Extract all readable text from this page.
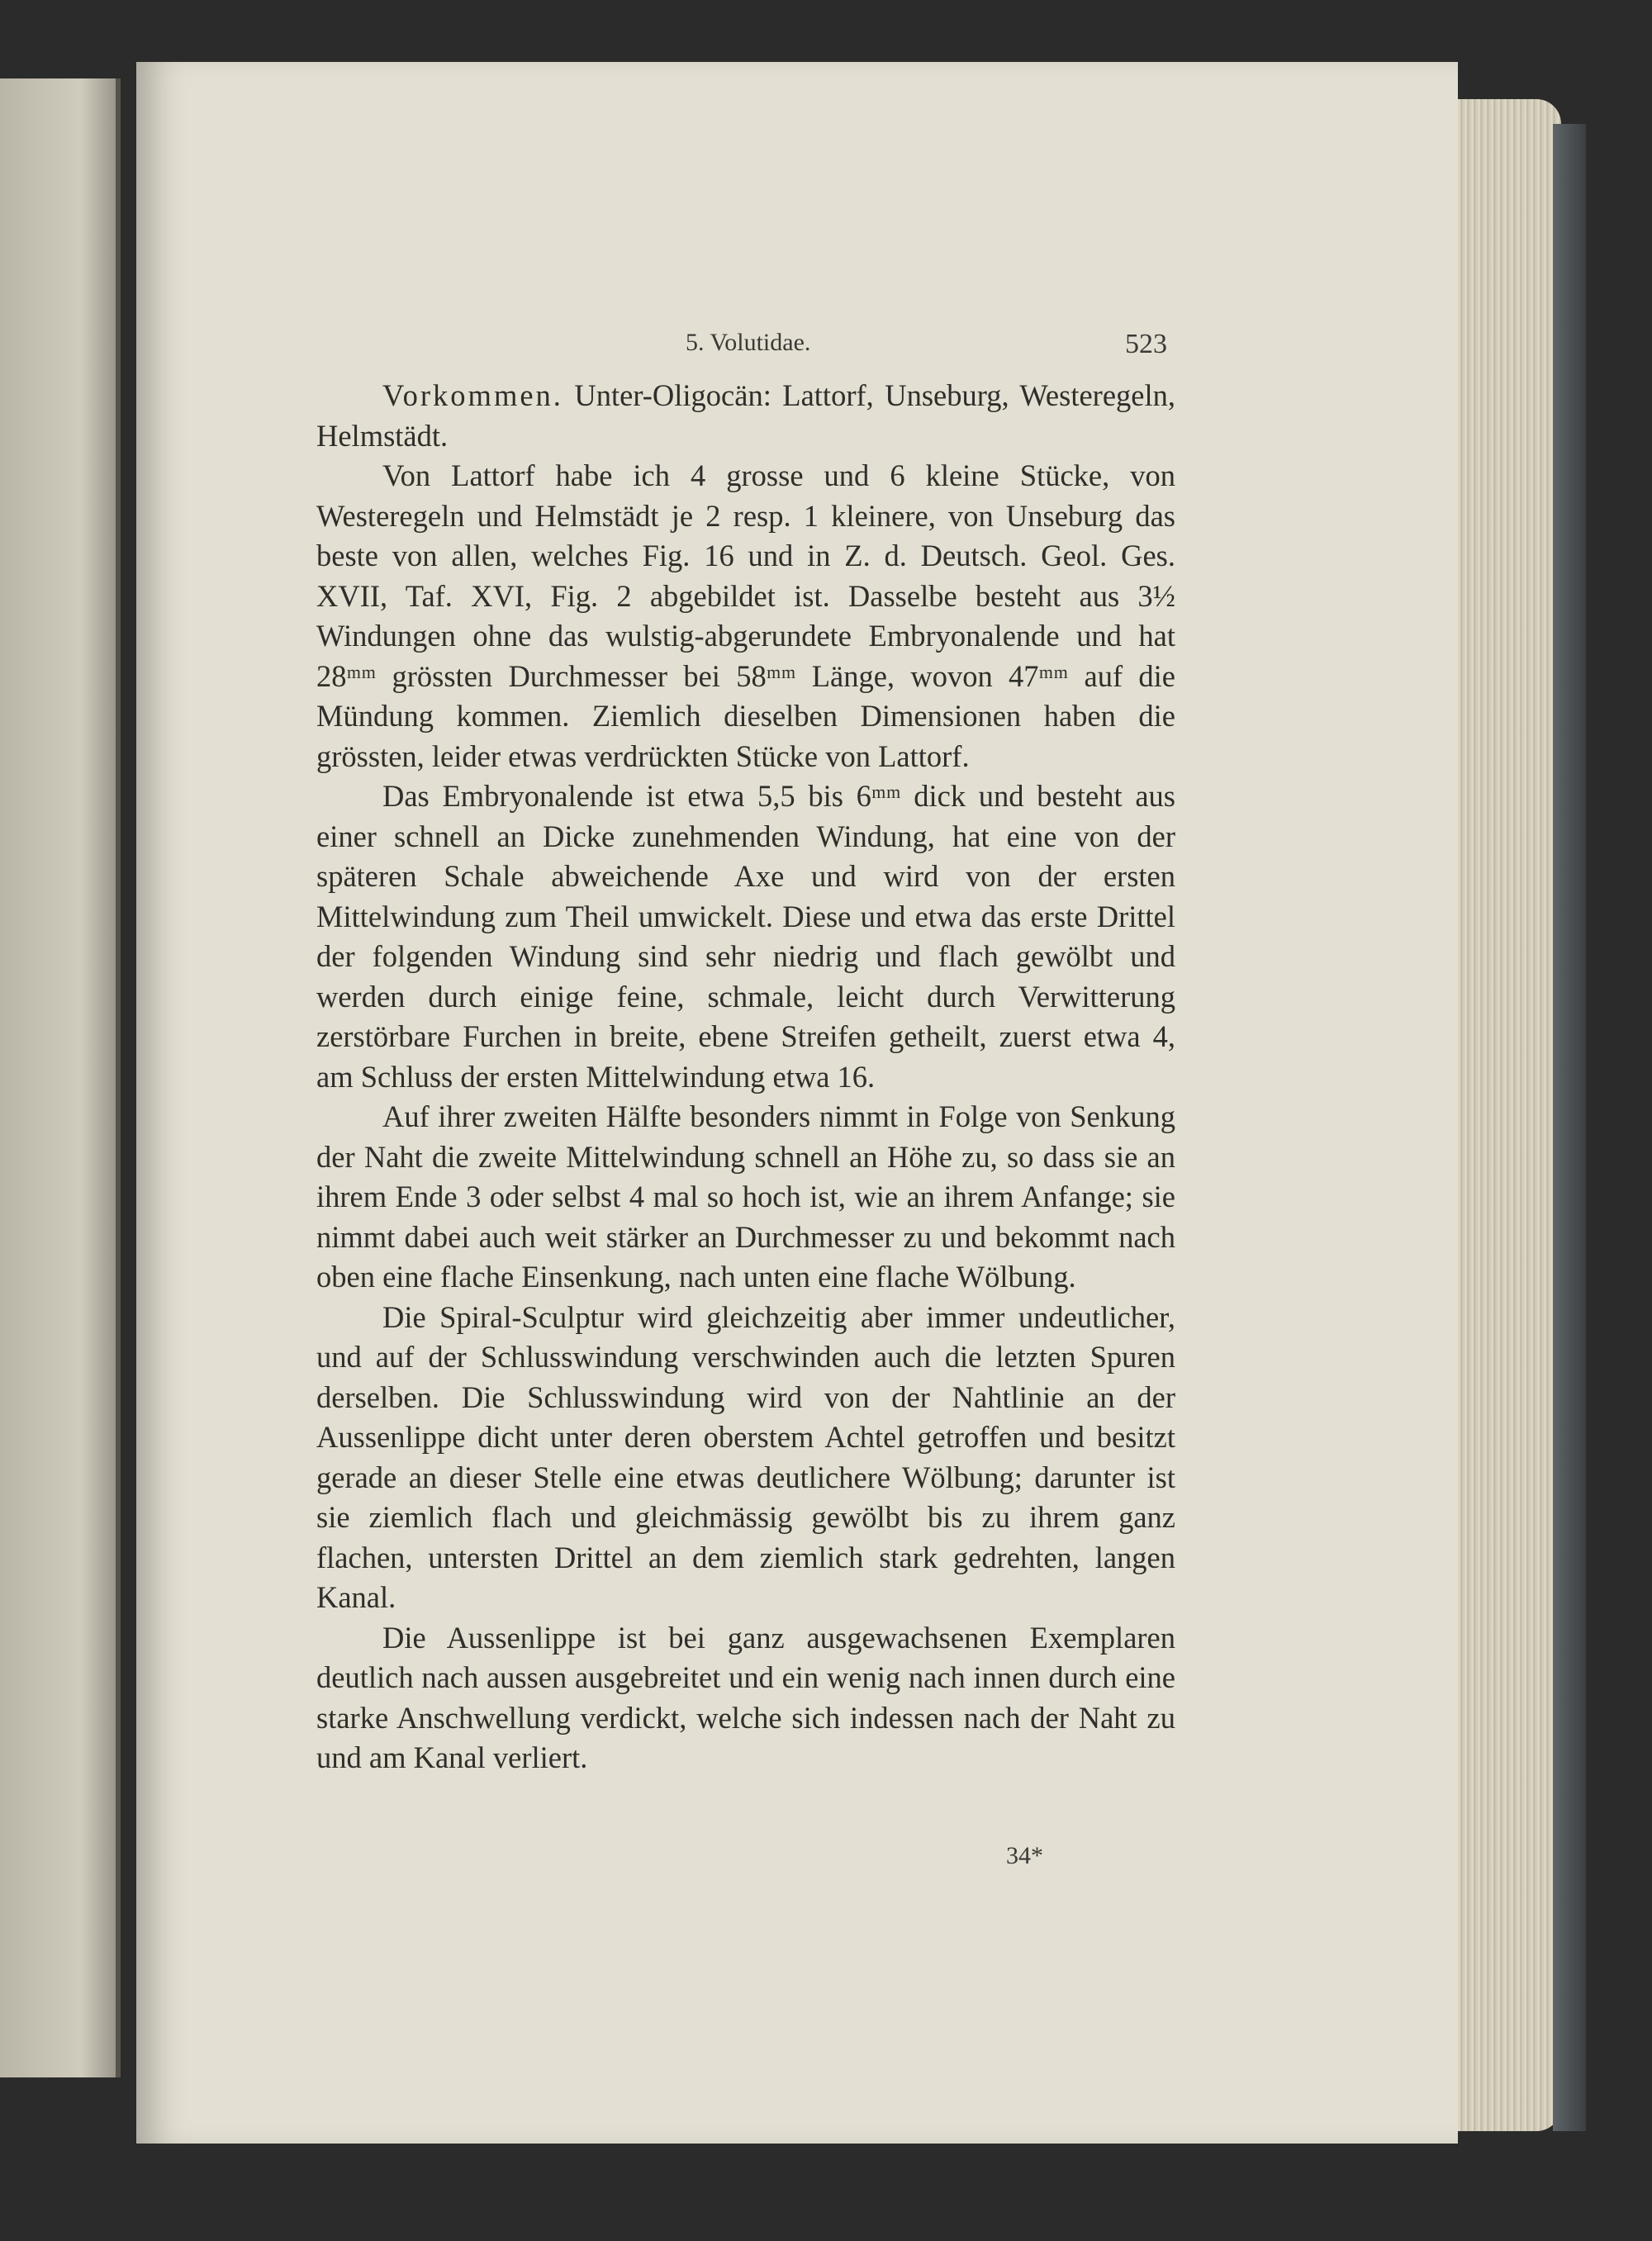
5. Volutidae.	523

Vorkommen. Unter-Oligocän: Lattorf, Unseburg, Westeregeln, Helmstädt.

Von Lattorf habe ich 4 grosse und 6 kleine Stücke, von Westeregeln und Helmstädt je 2 resp. 1 kleinere, von Unseburg das beste von allen, welches Fig. 16 und in Z. d. Deutsch. Geol. Ges. XVII, Taf. XVI, Fig. 2 abgebildet ist. Dasselbe besteht aus 3½ Windungen ohne das wulstig-abgerundete Embryonalende und hat 28ᵐᵐ grössten Durchmesser bei 58ᵐᵐ Länge, wovon 47ᵐᵐ auf die Mündung kommen. Ziemlich dieselben Dimensionen haben die grössten, leider etwas verdrückten Stücke von Lattorf.

Das Embryonalende ist etwa 5,5 bis 6ᵐᵐ dick und besteht aus einer schnell an Dicke zunehmenden Windung, hat eine von der späteren Schale abweichende Axe und wird von der ersten Mittelwindung zum Theil umwickelt. Diese und etwa das erste Drittel der folgenden Windung sind sehr niedrig und flach gewölbt und werden durch einige feine, schmale, leicht durch Verwitterung zerstörbare Furchen in breite, ebene Streifen getheilt, zuerst etwa 4, am Schluss der ersten Mittelwindung etwa 16.

Auf ihrer zweiten Hälfte besonders nimmt in Folge von Senkung der Naht die zweite Mittelwindung schnell an Höhe zu, so dass sie an ihrem Ende 3 oder selbst 4 mal so hoch ist, wie an ihrem Anfange; sie nimmt dabei auch weit stärker an Durchmesser zu und bekommt nach oben eine flache Einsenkung, nach unten eine flache Wölbung.

Die Spiral-Sculptur wird gleichzeitig aber immer undeutlicher, und auf der Schlusswindung verschwinden auch die letzten Spuren derselben. Die Schlusswindung wird von der Nahtlinie an der Aussenlippe dicht unter deren oberstem Achtel getroffen und besitzt gerade an dieser Stelle eine etwas deutlichere Wölbung; darunter ist sie ziemlich flach und gleichmässig gewölbt bis zu ihrem ganz flachen, untersten Drittel an dem ziemlich stark gedrehten, langen Kanal.

Die Aussenlippe ist bei ganz ausgewachsenen Exemplaren deutlich nach aussen ausgebreitet und ein wenig nach innen durch eine starke Anschwellung verdickt, welche sich indessen nach der Naht zu und am Kanal verliert.

34*
